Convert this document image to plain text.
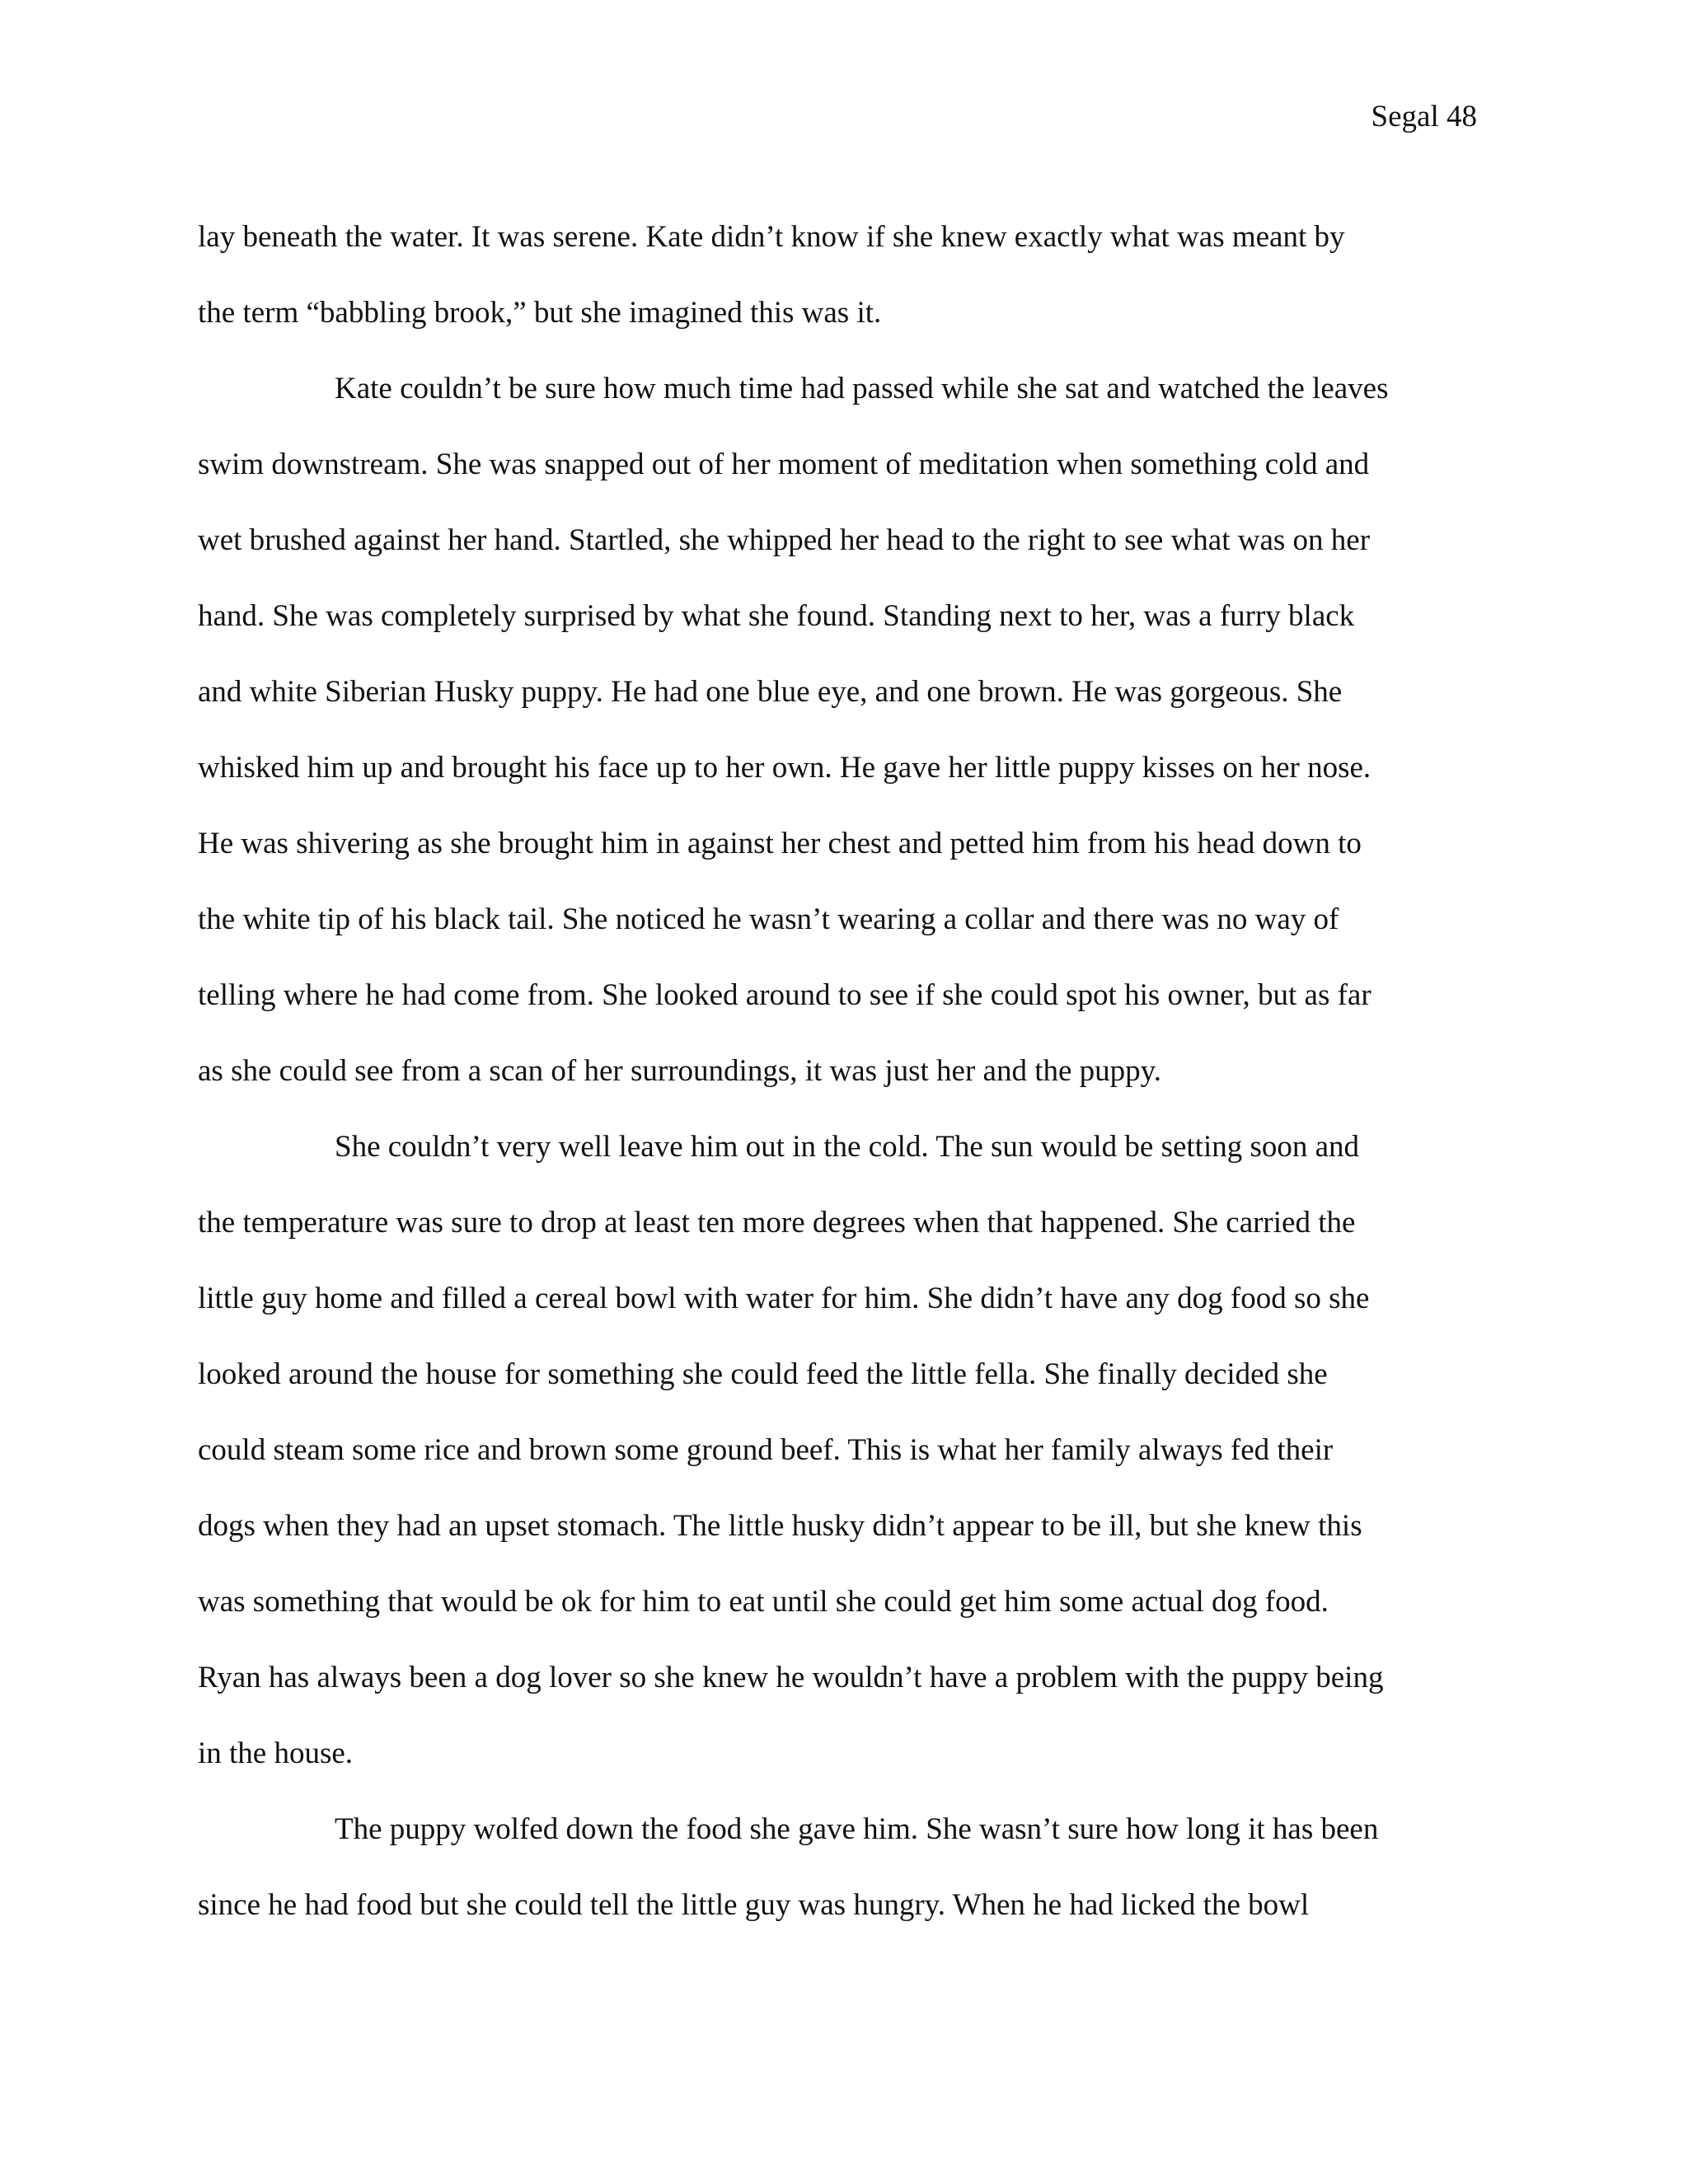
Segal 48
lay beneath the water. It was serene. Kate didn’t know if she knew exactly what was meant by
the term “babbling brook,” but she imagined this was it.
Kate couldn’t be sure how much time had passed while she sat and watched the leaves
swim downstream. She was snapped out of her moment of meditation when something cold and
wet brushed against her hand. Startled, she whipped her head to the right to see what was on her
hand. She was completely surprised by what she found. Standing next to her, was a furry black
and white Siberian Husky puppy. He had one blue eye, and one brown. He was gorgeous. She
whisked him up and brought his face up to her own. He gave her little puppy kisses on her nose.
He was shivering as she brought him in against her chest and petted him from his head down to
the white tip of his black tail. She noticed he wasn’t wearing a collar and there was no way of
telling where he had come from. She looked around to see if she could spot his owner, but as far
as she could see from a scan of her surroundings, it was just her and the puppy.
She couldn’t very well leave him out in the cold. The sun would be setting soon and
the temperature was sure to drop at least ten more degrees when that happened. She carried the
little guy home and filled a cereal bowl with water for him. She didn’t have any dog food so she
looked around the house for something she could feed the little fella. She finally decided she
could steam some rice and brown some ground beef. This is what her family always fed their
dogs when they had an upset stomach. The little husky didn’t appear to be ill, but she knew this
was something that would be ok for him to eat until she could get him some actual dog food.
Ryan has always been a dog lover so she knew he wouldn’t have a problem with the puppy being
in the house.
The puppy wolfed down the food she gave him. She wasn’t sure how long it has been
since he had food but she could tell the little guy was hungry. When he had licked the bowl
